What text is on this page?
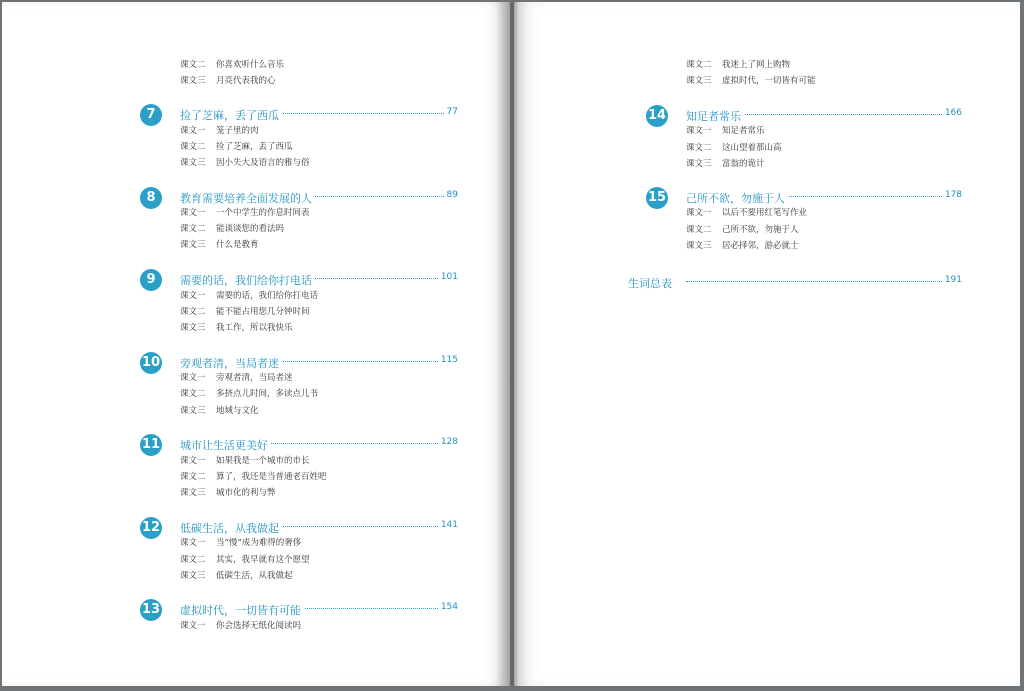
课文二 你喜欢听什么音乐
课文三 月亮代表我的心
7	捡了芝麻，丢了西瓜	77
课文一 笼子里的肉
课文二 捡了芝麻，丢了西瓜
课文三 因小失大及语言的雅与俗
8	教育需要培养全面发展的人	89
课文一 一个中学生的作息时间表
课文二 能谈谈您的看法吗
课文三 什么是教育
9	需要的话，我们给你打电话	101
课文一 需要的话，我们给你打电话
课文二 能不能占用您几分钟时间
课文三 我工作，所以我快乐
10 旁观者清，当局者迷	115
课文一 旁观者清，当局者迷
课文二 多挤点儿时间，多读点儿书
课文三 地域与文化
11 城市让生活更美好	128
课文一 如果我是一个城市的市长
课文二 算了，我还是当普通老百姓吧
课文三 城市化的利与弊
12 低碳生活，从我做起	141
课文一 当“慢”成为难得的奢侈
课文二 其实，我早就有这个愿望
课文三 低碳生活，从我做起
13 虚拟时代，一切皆有可能	154
课文一 你会选择无纸化阅读吗
课文二 我迷上了网上购物
课文三 虚拟时代，一切皆有可能
14 知足者常乐	166
课文一 知足者常乐
课文二 这山望着那山高
课文三 富翁的诡计
15 己所不欲，勿施于人	178
课文一 以后不要用红笔写作业
课文二 己所不欲，勿施于人
课文三 居必择邻，游必就士
生词总表	191
